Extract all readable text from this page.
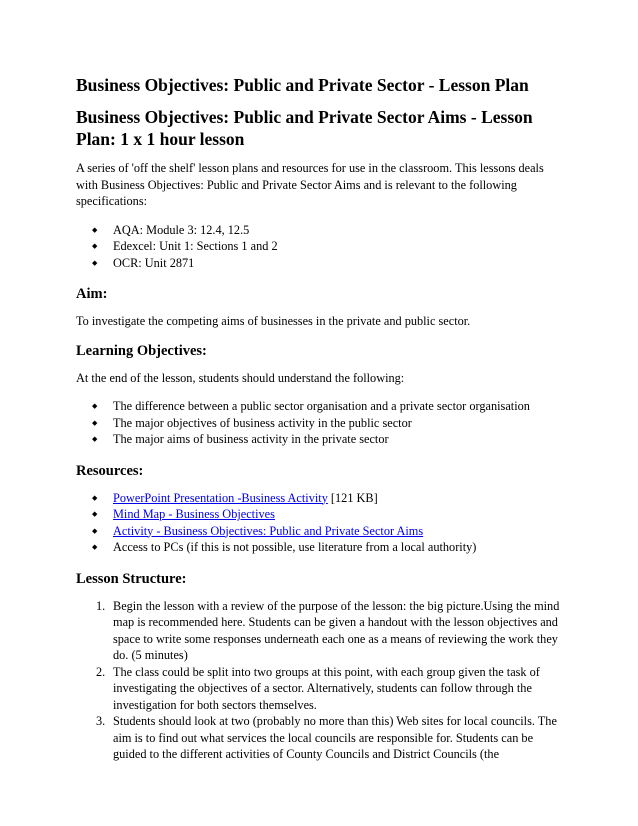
Business Objectives: Public and Private Sector - Lesson Plan
Business Objectives: Public and Private Sector Aims - Lesson Plan: 1 x 1 hour lesson

A series of 'off the shelf' lesson plans and resources for use in the classroom. This lessons deals with Business Objectives: Public and Private Sector Aims and is relevant to the following specifications:

◆ AQA: Module 3: 12.4, 12.5
◆ Edexcel: Unit 1: Sections 1 and 2
◆ OCR: Unit 2871
Aim:

To investigate the competing aims of businesses in the private and public sector.

Learning Objectives:

At the end of the lesson, students should understand the following:

◆ The difference between a public sector organisation and a private sector organisation
◆ The major objectives of business activity in the public sector
◆ The major aims of business activity in the private sector
Resources:
◆ PowerPoint Presentation -Business Activity [121 KB]
◆ Mind Map - Business Objectives
◆ Activity - Business Objectives: Public and Private Sector Aims
◆ Access to PCs (if this is not possible, use literature from a local authority)
Lesson Structure:
1. Begin the lesson with a review of the purpose of the lesson: the big picture.Using the mind map is recommended here. Students can be given a handout with the lesson objectives and space to write some responses underneath each one as a means of reviewing the work they do. (5 minutes)
2. The class could be split into two groups at this point, with each group given the task of investigating the objectives of a sector. Alternatively, students can follow through the investigation for both sectors themselves.
3. Students should look at two (probably no more than this) Web sites for local councils. The aim is to find out what services the local councils are responsible for. Students can be guided to the different activities of County Councils and District Councils (the
